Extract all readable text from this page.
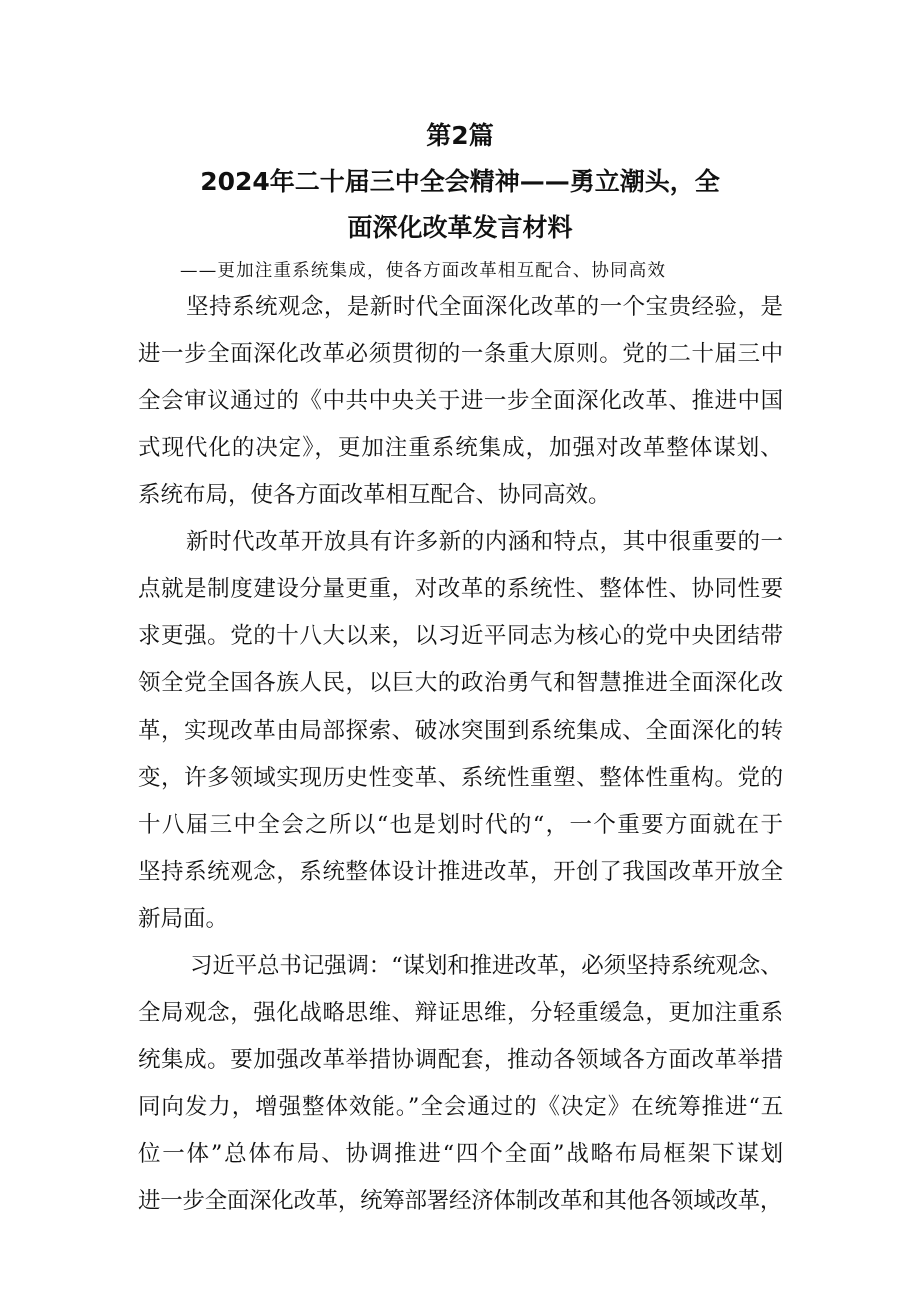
第2篇
2024年二十届三中全会精神——勇立潮头，全
面深化改革发言材料
——更加注重系统集成，使各方面改革相互配合、协同高效
坚持系统观念，是新时代全面深化改革的一个宝贵经验，是
进一步全面深化改革必须贯彻的一条重大原则。党的二十届三中
全会审议通过的《中共中央关于进一步全面深化改革、推进中国
式现代化的决定》，更加注重系统集成，加强对改革整体谋划、
系统布局，使各方面改革相互配合、协同高效。
新时代改革开放具有许多新的内涵和特点，其中很重要的一
点就是制度建设分量更重，对改革的系统性、整体性、协同性要
求更强。党的十八大以来，以习近平同志为核心的党中央团结带
领全党全国各族人民，以巨大的政治勇气和智慧推进全面深化改
革，实现改革由局部探索、破冰突围到系统集成、全面深化的转
变，许多领域实现历史性变革、系统性重塑、整体性重构。党的
十八届三中全会之所以“也是划时代的“，一个重要方面就在于
坚持系统观念，系统整体设计推进改革，开创了我国改革开放全
新局面。
习近平总书记强调：“谋划和推进改革，必须坚持系统观念、
全局观念，强化战略思维、辩证思维，分轻重缓急，更加注重系
统集成。要加强改革举措协调配套，推动各领域各方面改革举措
同向发力，增强整体效能。”全会通过的《决定》在统筹推进“五
位一体”总体布局、协调推进“四个全面”战略布局框架下谋划
进一步全面深化改革，统筹部署经济体制改革和其他各领域改革，
